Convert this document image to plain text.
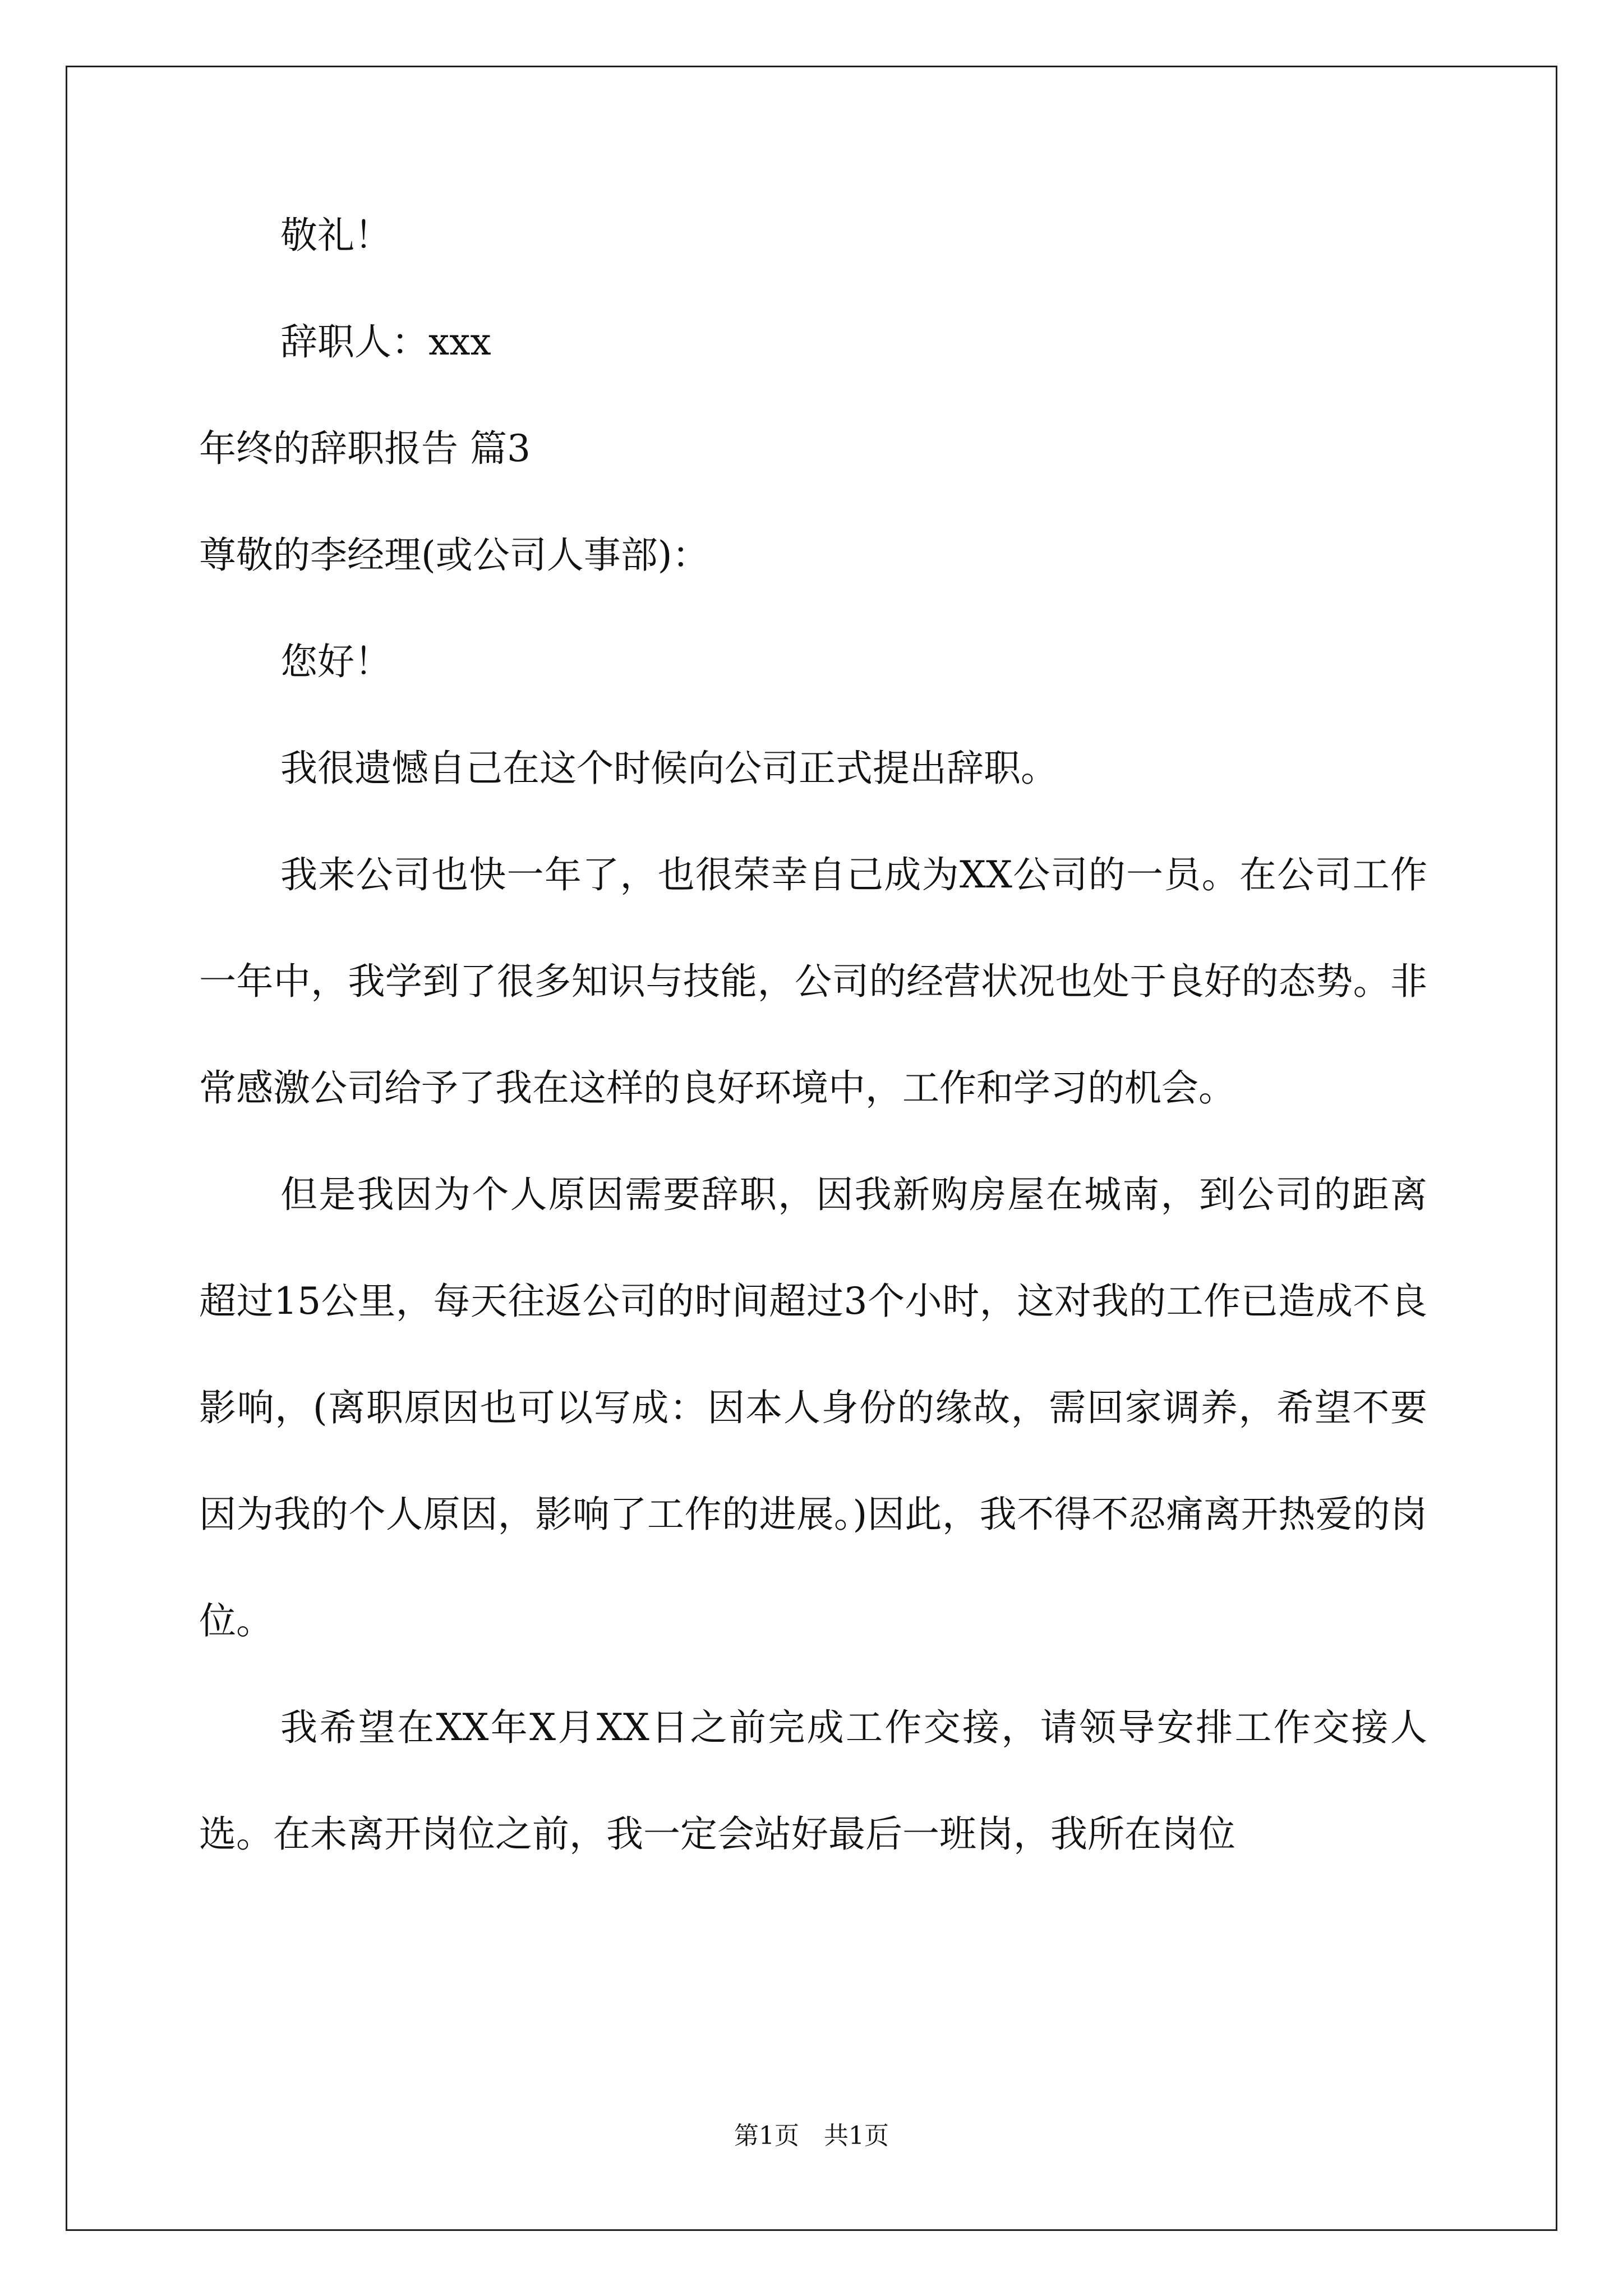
敬礼！
辞职人：xxx
年终的辞职报告 篇3
尊敬的李经理(或公司人事部)：
您好！

我很遗憾自己在这个时候向公司正式提出辞职。

我来公司也快一年了，也很荣幸自己成为XX公司的一员。在公司工作一年中，我学到了很多知识与技能，公司的经营状况也处于良好的态势。非常感激公司给予了我在这样的良好环境中，工作和学习的机会。

但是我因为个人原因需要辞职，因我新购房屋在城南，到公司的距离超过15公里，每天往返公司的时间超过3个小时，这对我的工作已造成不良影响，(离职原因也可以写成：因本人身份的缘故，需回家调养，希望不要因为我的个人原因，影响了工作的进展。)因此，我不得不忍痛离开热爱的岗位。

我希望在XX年X月XX日之前完成工作交接，请领导安排工作交接人选。在未离开岗位之前，我一定会站好最后一班岗，我所在岗位

第1页　共1页
